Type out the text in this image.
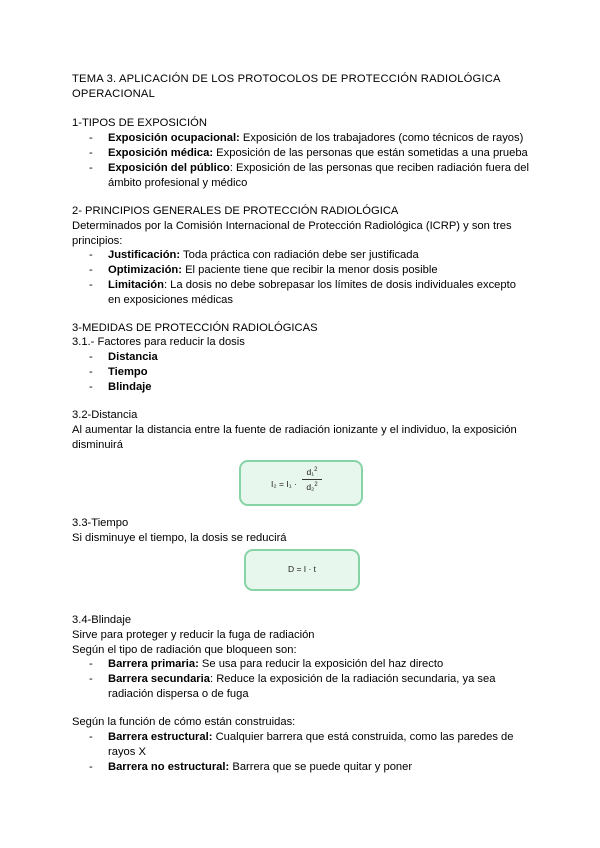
TEMA 3. APLICACIÓN DE LOS PROTOCOLOS DE PROTECCIÓN RADIOLÓGICA
OPERACIONAL
1-TIPOS DE EXPOSICIÓN
- Exposición ocupacional: Exposición de los trabajadores (como técnicos de rayos)
- Exposición médica: Exposición de las personas que están sometidas a una prueba
- Exposición del público: Exposición de las personas que reciben radiación fuera del
ámbito profesional y médico
2- PRINCIPIOS GENERALES DE PROTECCIÓN RADIOLÓGICA
Determinados por la Comisión Internacional de Protección Radiológica (ICRP) y son tres
principios:
- Justificación: Toda práctica con radiación debe ser justificada
- Optimización: El paciente tiene que recibir la menor dosis posible
- Limitación: La dosis no debe sobrepasar los límites de dosis individuales excepto
en exposiciones médicas
3-MEDIDAS DE PROTECCIÓN RADIOLÓGICAS
3.1.- Factores para reducir la dosis
- Distancia
- Tiempo
- Blindaje
3.2-Distancia
Al aumentar la distancia entre la fuente de radiación ionizante y el individuo, la exposición
disminuirá
I₂ = I₁ ·
d₁$^2$
d₂$^2$
3.3-Tiempo
Si disminuye el tiempo, la dosis se reducirá
D = I · t
3.4-Blindaje
Sirve para proteger y reducir la fuga de radiación
Según el tipo de radiación que bloqueen son:
- Barrera primaria: Se usa para reducir la exposición del haz directo
- Barrera secundaria: Reduce la exposición de la radiación secundaria, ya sea
radiación dispersa o de fuga
Según la función de cómo están construidas:
- Barrera estructural: Cualquier barrera que está construida, como las paredes de
rayos X
- Barrera no estructural: Barrera que se puede quitar y poner
